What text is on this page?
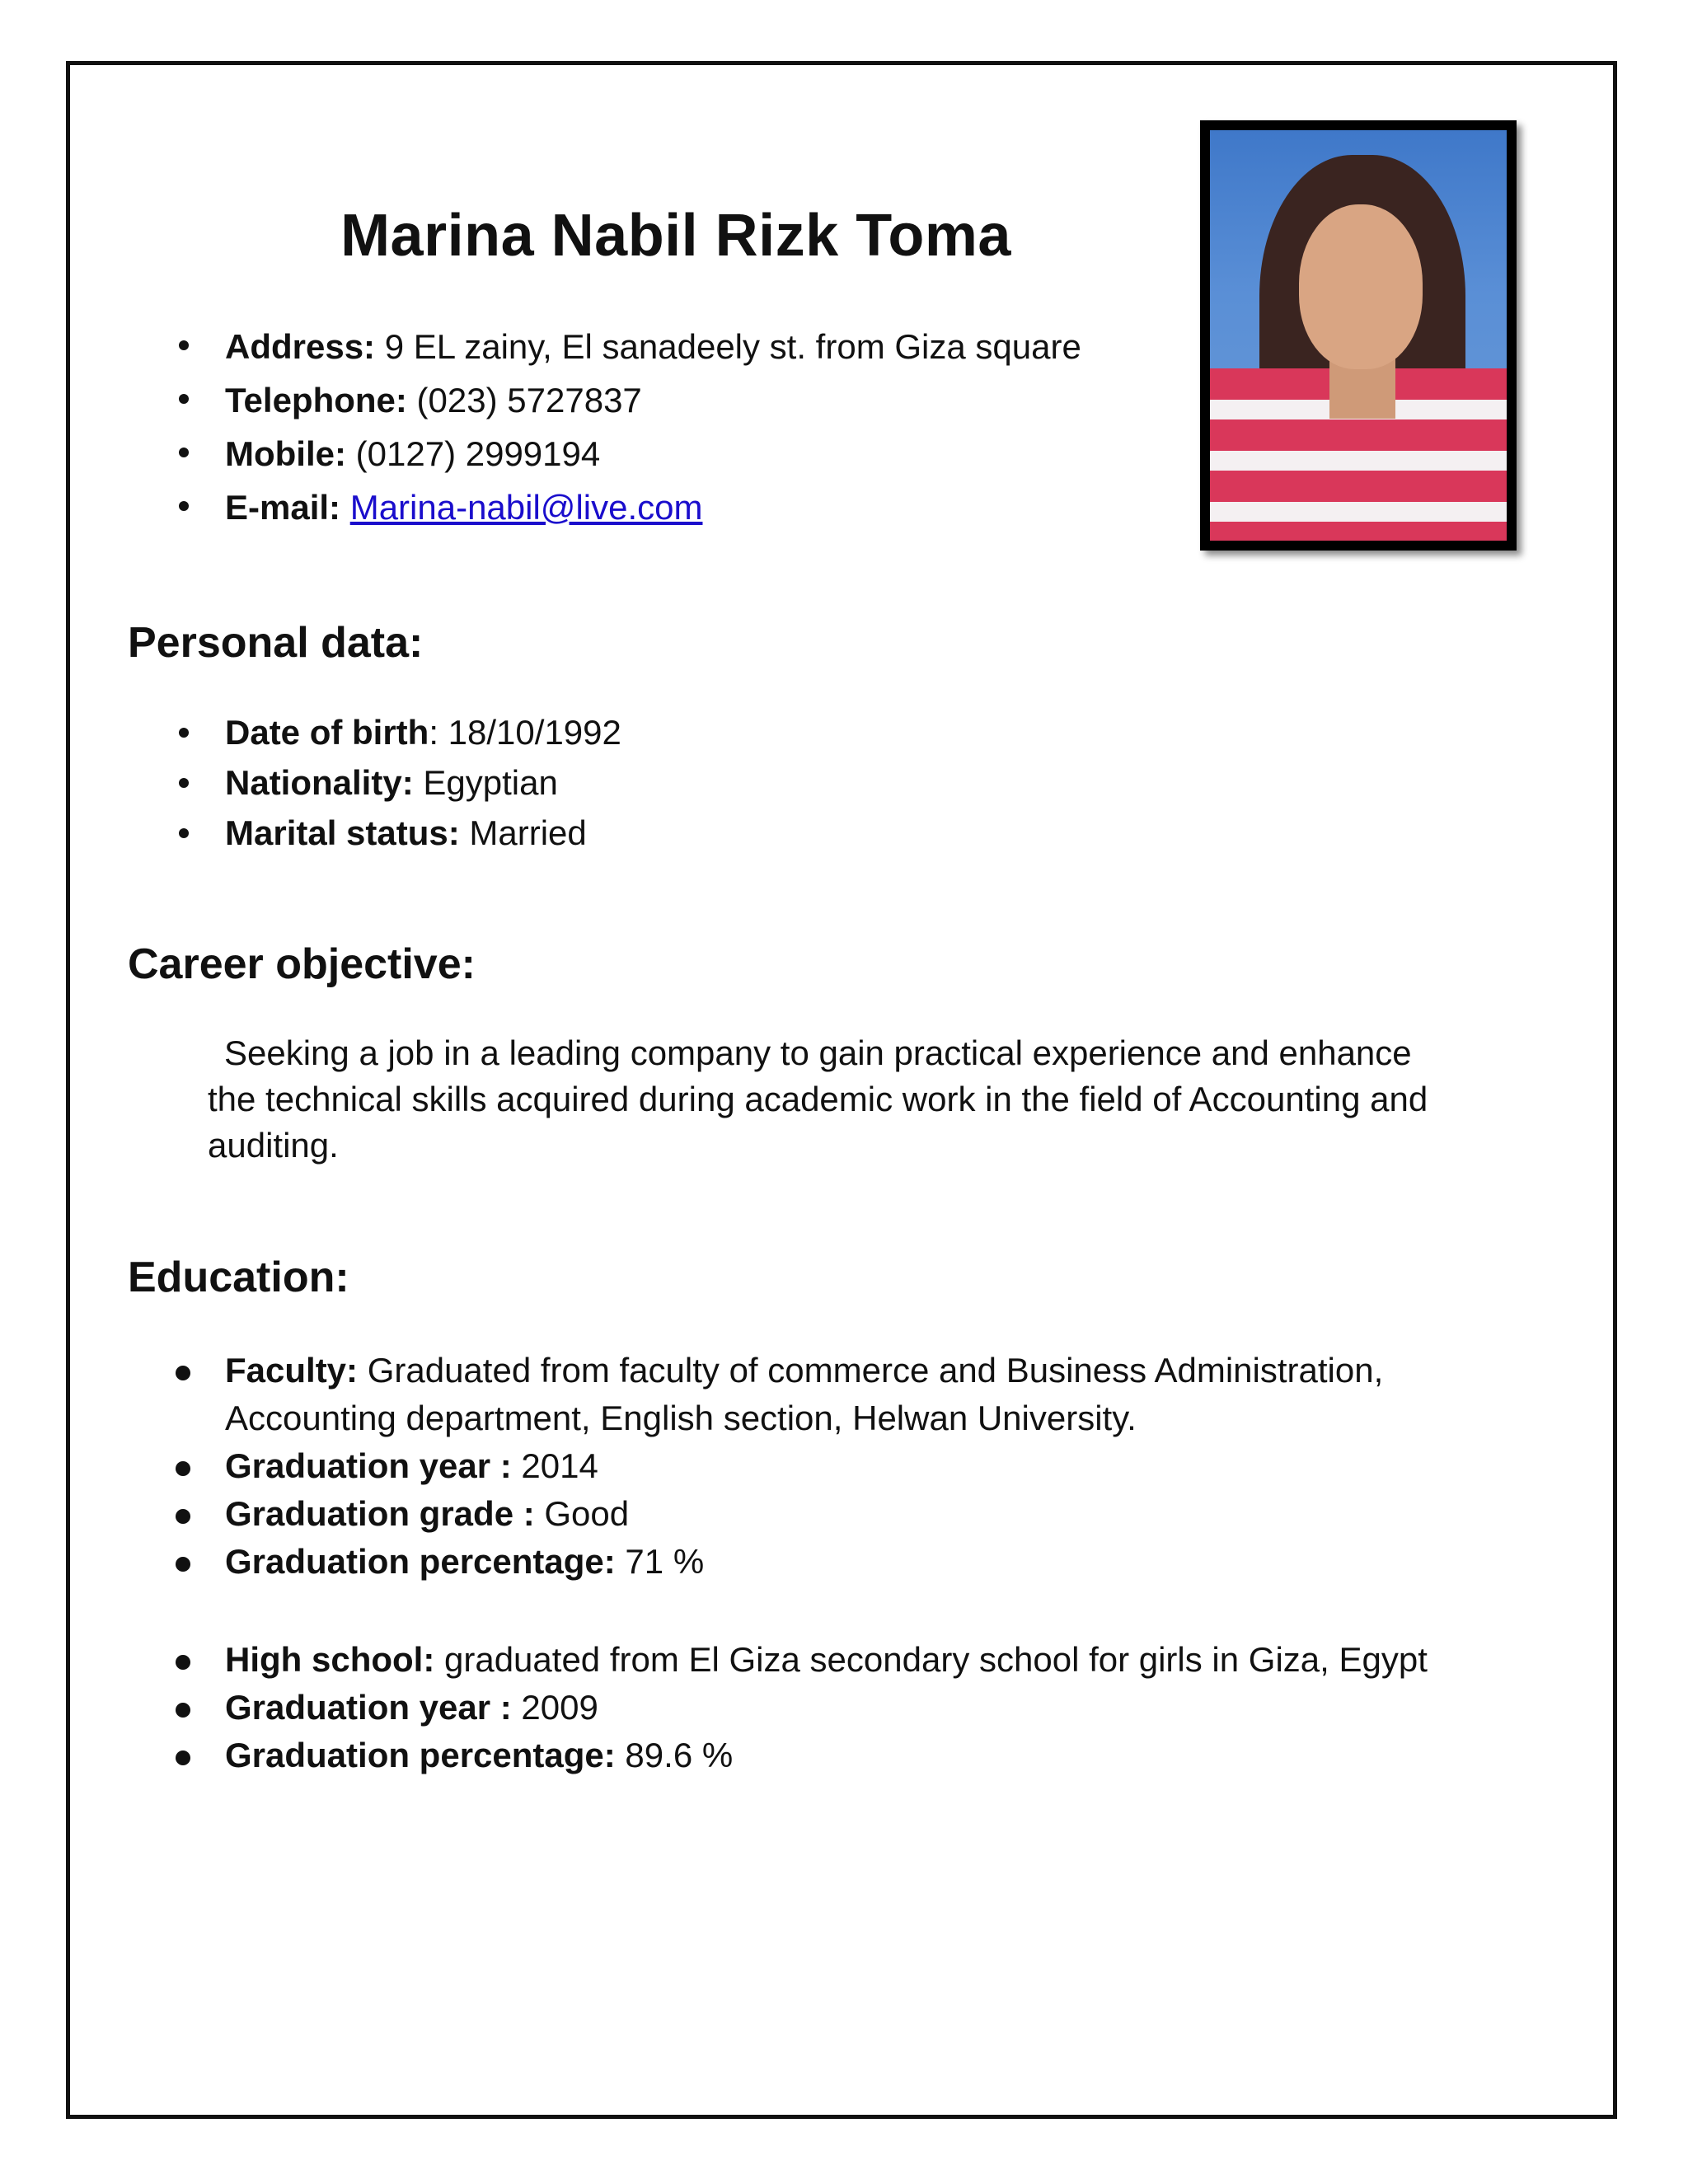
Marina Nabil Rizk Toma
Address: 9 EL zainy, El sanadeely st. from Giza square
Telephone: (023) 5727837
Mobile: (0127) 2999194
E-mail: Marina-nabil@live.com
Personal data:
Date of birth: 18/10/1992
Nationality: Egyptian
Marital status: Married
Career objective:
Seeking a job in a leading company to gain practical experience and enhance the technical skills acquired during academic work in the field of Accounting and auditing.
Education:
Faculty: Graduated from faculty of commerce and Business Administration, Accounting department, English section, Helwan University.
Graduation year : 2014
Graduation grade : Good
Graduation percentage: 71 %
High school: graduated from El Giza secondary school for girls in Giza, Egypt
Graduation year : 2009
Graduation percentage: 89.6 %
